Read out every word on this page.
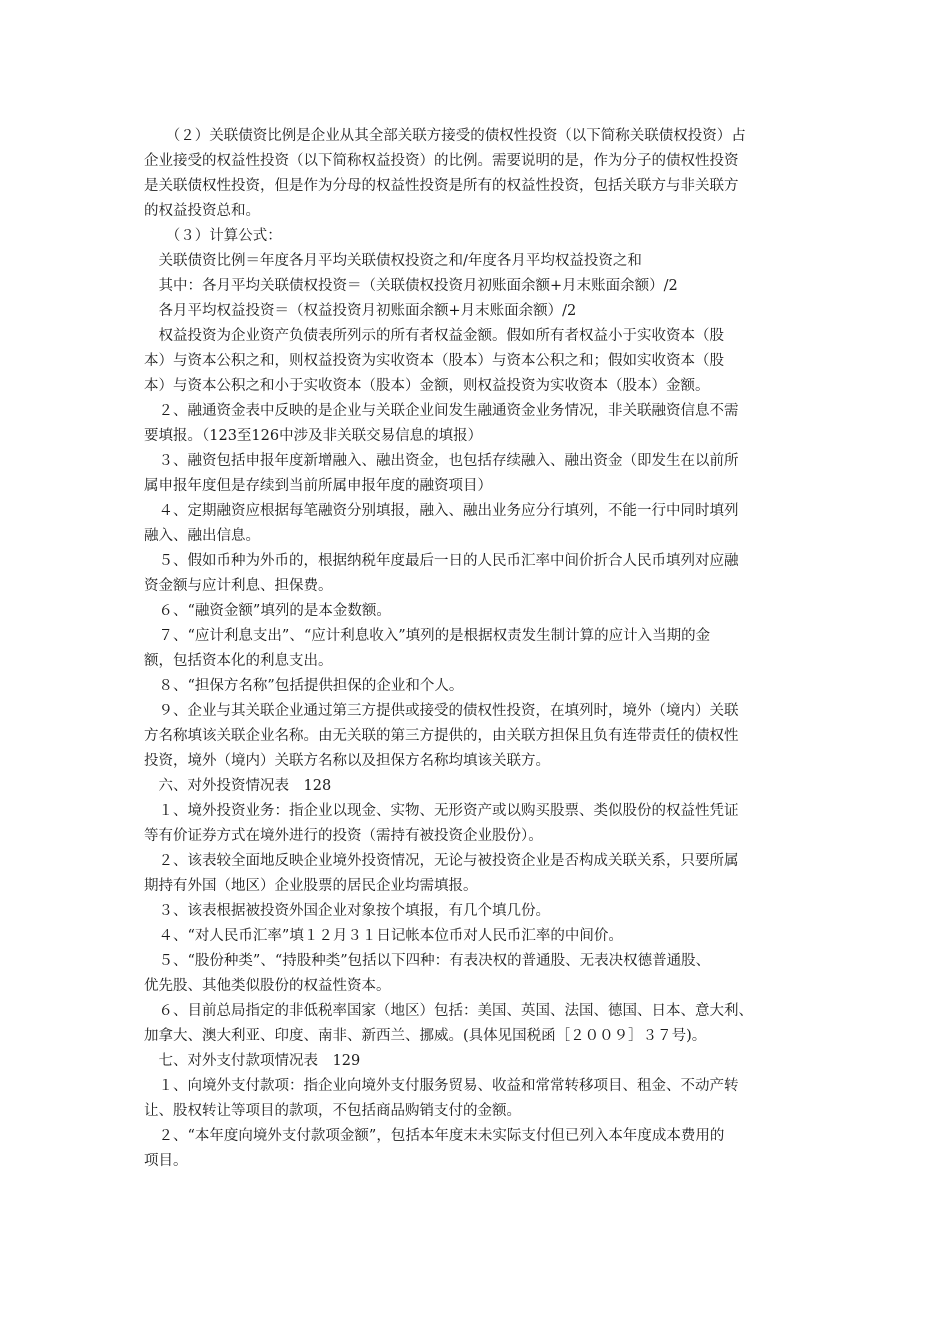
　　（２）关联债资比例是企业从其全部关联方接受的债权性投资（以下简称关联债权投资）占
企业接受的权益性投资（以下简称权益投资）的比例。需要说明的是，作为分子的债权性投资
是关联债权性投资，但是作为分母的权益性投资是所有的权益性投资，包括关联方与非关联方
的权益投资总和。
　　（３）计算公式：
　关联债资比例＝年度各月平均关联债权投资之和/年度各月平均权益投资之和
　其中：各月平均关联债权投资＝（关联债权投资月初账面余额+月末账面余额）/2
　各月平均权益投资＝（权益投资月初账面余额+月末账面余额）/2
　权益投资为企业资产负债表所列示的所有者权益金额。假如所有者权益小于实收资本（股
本）与资本公积之和，则权益投资为实收资本（股本）与资本公积之和；假如实收资本（股
本）与资本公积之和小于实收资本（股本）金额，则权益投资为实收资本（股本）金额。
　２、融通资金表中反映的是企业与关联企业间发生融通资金业务情况，非关联融资信息不需
要填报。（123至126中涉及非关联交易信息的填报）
　３、融资包括申报年度新增融入、融出资金，也包括存续融入、融出资金（即发生在以前所
属申报年度但是存续到当前所属申报年度的融资项目）
　４、定期融资应根据每笔融资分别填报，融入、融出业务应分行填列，不能一行中同时填列
融入、融出信息。
　５、假如币种为外币的，根据纳税年度最后一日的人民币汇率中间价折合人民币填列对应融
资金额与应计利息、担保费。
　６、“融资金额”填列的是本金数额。
　７、“应计利息支出”、“应计利息收入”填列的是根据权责发生制计算的应计入当期的金
额，包括资本化的利息支出。
　８、“担保方名称”包括提供担保的企业和个人。
　９、企业与其关联企业通过第三方提供或接受的债权性投资，在填列时，境外（境内）关联
方名称填该关联企业名称。由无关联的第三方提供的，由关联方担保且负有连带责任的债权性
投资，境外（境内）关联方名称以及担保方名称均填该关联方。
　六、对外投资情况表　128
　１、境外投资业务：指企业以现金、实物、无形资产或以购买股票、类似股份的权益性凭证
等有价证券方式在境外进行的投资（需持有被投资企业股份）。
　２、该表较全面地反映企业境外投资情况，无论与被投资企业是否构成关联关系，只要所属
期持有外国（地区）企业股票的居民企业均需填报。
　３、该表根据被投资外国企业对象按个填报，有几个填几份。
　４、“对人民币汇率”填１２月３１日记帐本位币对人民币汇率的中间价。
　５、“股份种类”、“持股种类”包括以下四种：有表决权的普通股、无表决权德普通股、
优先股、其他类似股份的权益性资本。
　６、目前总局指定的非低税率国家（地区）包括：美国、英国、法国、德国、日本、意大利、
加拿大、澳大利亚、印度、南非、新西兰、挪威。(具体见国税函［２００９］３７号)。
　七、对外支付款项情况表　129
　１、向境外支付款项：指企业向境外支付服务贸易、收益和常常转移项目、租金、不动产转
让、股权转让等项目的款项，不包括商品购销支付的金额。
　２、“本年度向境外支付款项金额”，包括本年度末未实际支付但已列入本年度成本费用的
项目。
